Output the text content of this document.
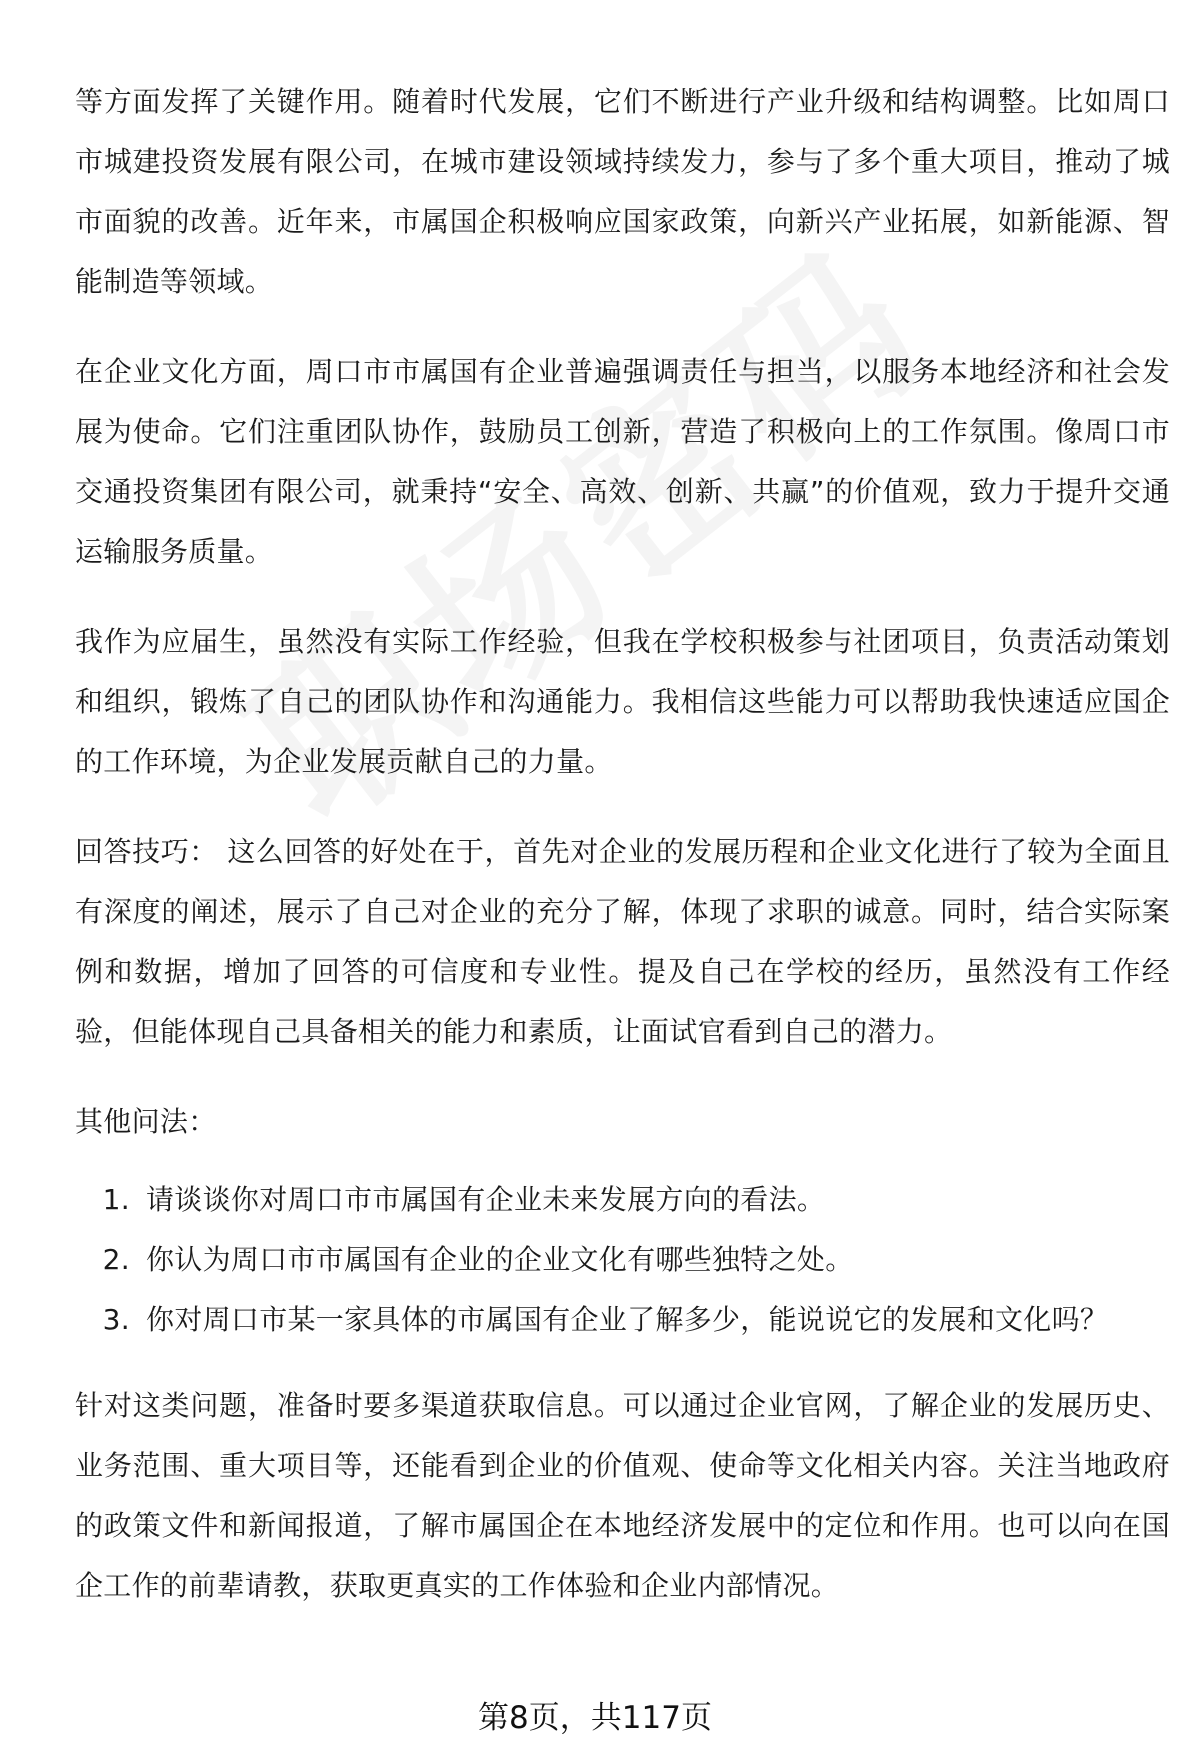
等方面发挥了关键作用。随着时代发展，它们不断进行产业升级和结构调整。比如周口市城建投资发展有限公司，在城市建设领域持续发力，参与了多个重大项目，推动了城市面貌的改善。近年来，市属国企积极响应国家政策，向新兴产业拓展，如新能源、智能制造等领域。

在企业文化方面，周口市市属国有企业普遍强调责任与担当，以服务本地经济和社会发展为使命。它们注重团队协作，鼓励员工创新，营造了积极向上的工作氛围。像周口市交通投资集团有限公司，就秉持“安全、高效、创新、共赢”的价值观，致力于提升交通运输服务质量。

我作为应届生，虽然没有实际工作经验，但我在学校积极参与社团项目，负责活动策划和组织，锻炼了自己的团队协作和沟通能力。我相信这些能力可以帮助我快速适应国企的工作环境，为企业发展贡献自己的力量。

回答技巧： 这么回答的好处在于，首先对企业的发展历程和企业文化进行了较为全面且有深度的阐述，展示了自己对企业的充分了解，体现了求职的诚意。同时，结合实际案例和数据，增加了回答的可信度和专业性。提及自己在学校的经历，虽然没有工作经验，但能体现自己具备相关的能力和素质，让面试官看到自己的潜力。

其他问法：

1. 请谈谈你对周口市市属国有企业未来发展方向的看法。
2. 你认为周口市市属国有企业的企业文化有哪些独特之处。
3. 你对周口市某一家具体的市属国有企业了解多少，能说说它的发展和文化吗？

针对这类问题，准备时要多渠道获取信息。可以通过企业官网，了解企业的发展历史、业务范围、重大项目等，还能看到企业的价值观、使命等文化相关内容。关注当地政府的政策文件和新闻报道，了解市属国企在本地经济发展中的定位和作用。也可以向在国企工作的前辈请教，获取更真实的工作体验和企业内部情况。

第8页，共117页
